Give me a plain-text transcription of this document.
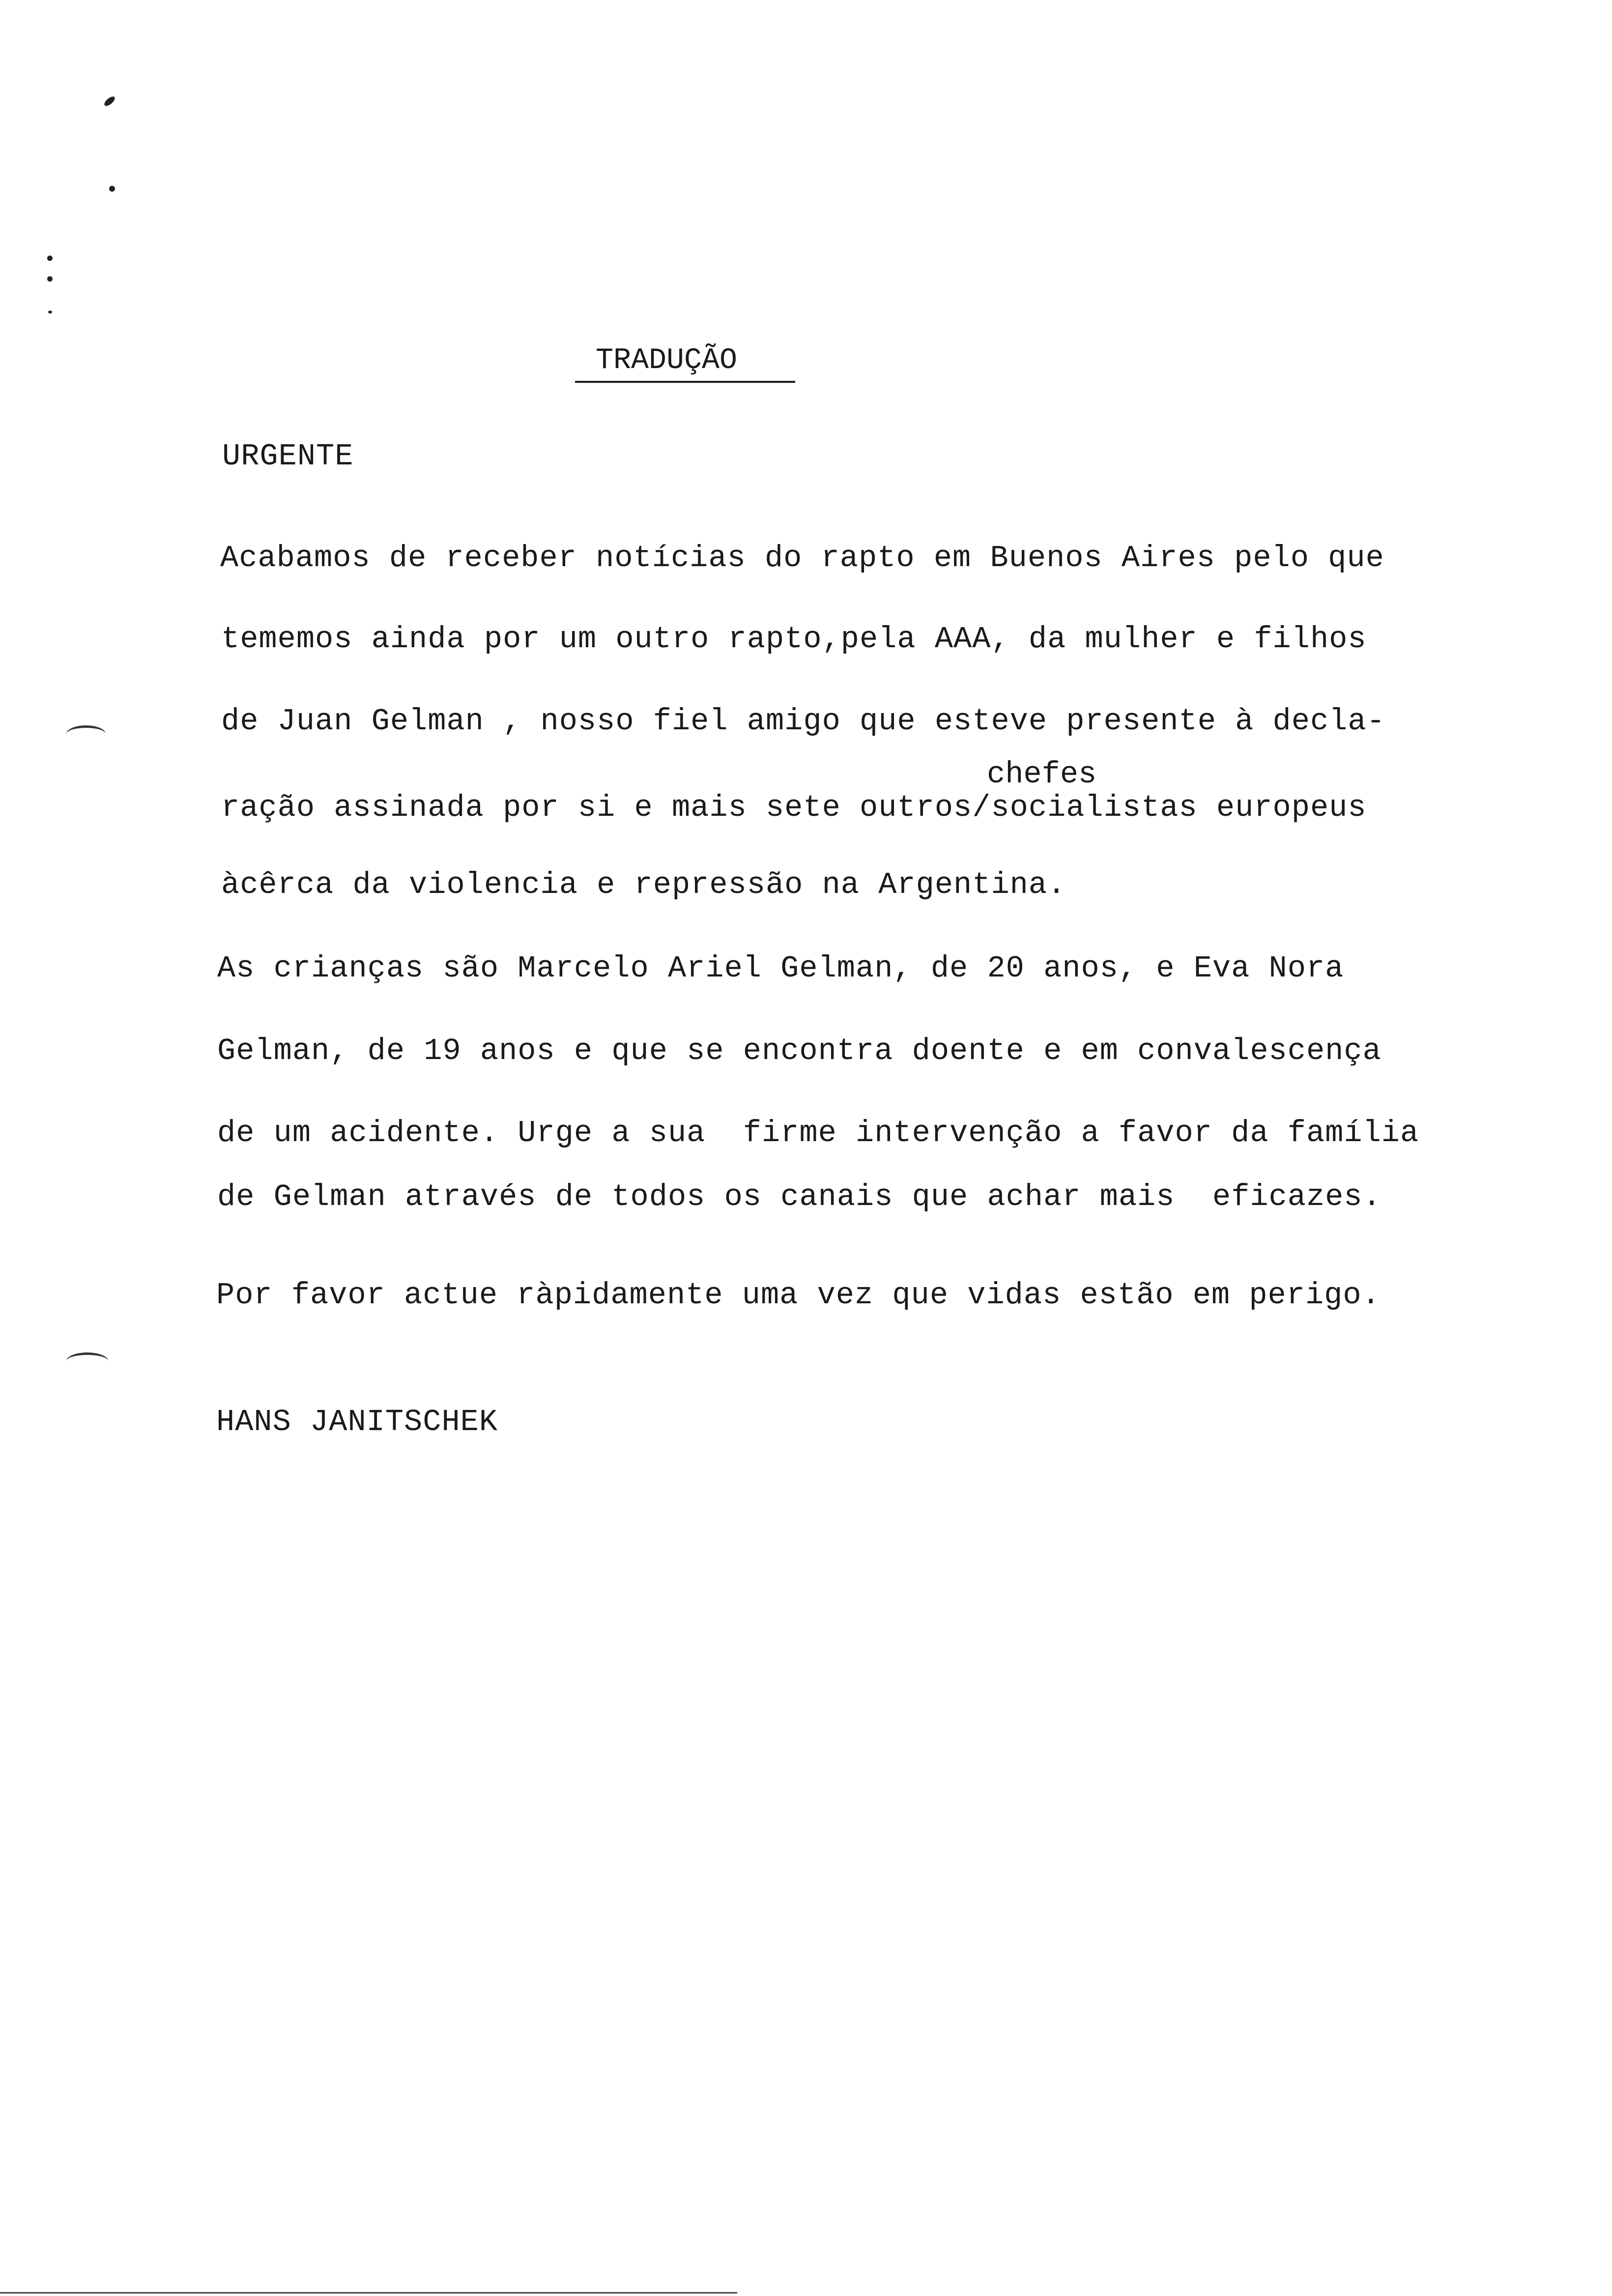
TRADUÇÃO
URGENTE
Acabamos de receber notícias do rapto em Buenos Aires pelo que
tememos ainda por um outro rapto,pela AAA, da mulher e filhos
de Juan Gelman , nosso fiel amigo que esteve presente à decla-
chefes
ração assinada por si e mais sete outros/socialistas europeus
àcêrca da violencia e repressão na Argentina.
As crianças são Marcelo Ariel Gelman, de 20 anos, e Eva Nora
Gelman, de 19 anos e que se encontra doente e em convalescença
de um acidente. Urge a sua  firme intervenção a favor da família
de Gelman através de todos os canais que achar mais  eficazes.
Por favor actue ràpidamente uma vez que vidas estão em perigo.
HANS JANITSCHEK
